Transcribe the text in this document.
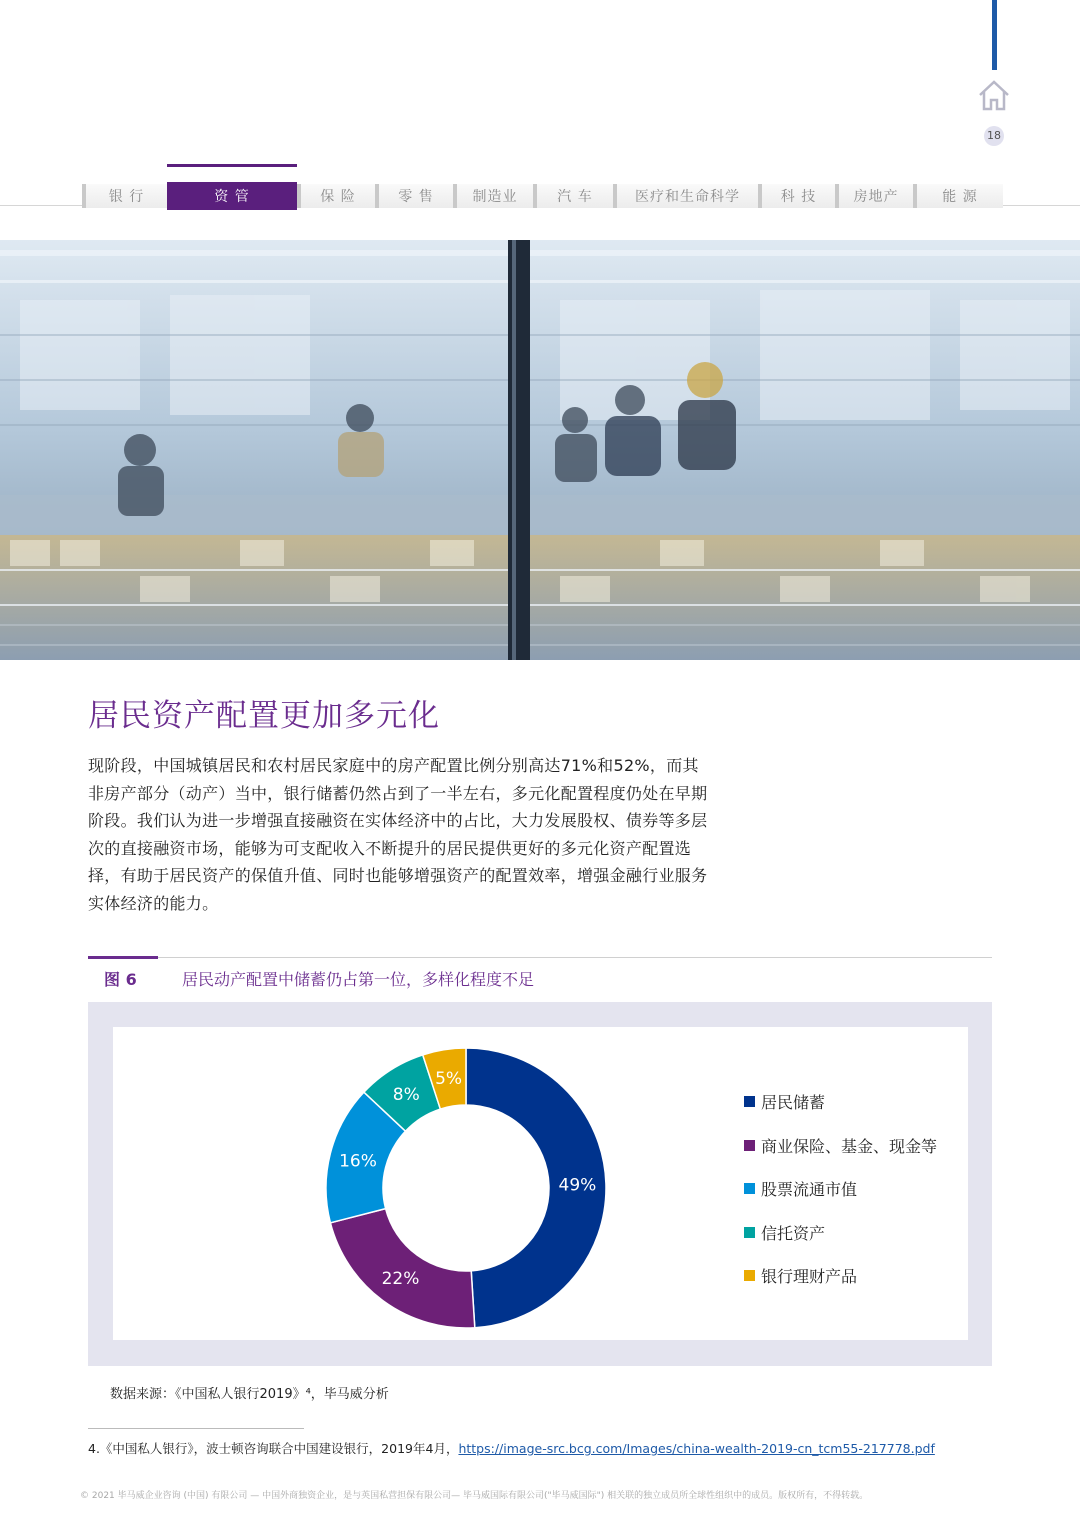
18
银 行	资 管	保 险	零 售	制造业	汽 车	医疗和生命科学	科 技	房地产	能 源
居民资产配置更加多元化
现阶段，中国城镇居民和农村居民家庭中的房产配置比例分别高达71%和52%，而其非房产部分（动产）当中，银行储蓄仍然占到了一半左右，多元化配置程度仍处在早期阶段。我们认为进一步增强直接融资在实体经济中的占比，大力发展股权、债券等多层次的直接融资市场，能够为可支配收入不断提升的居民提供更好的多元化资产配置选择，有助于居民资产的保值升值、同时也能够增强资产的配置效率，增强金融行业服务实体经济的能力。
图 6	居民动产配置中储蓄仍占第一位，多样化程度不足
49%
22%
16%
8%
5%
居民储蓄
商业保险、基金、现金等
股票流通市值
信托资产
银行理财产品
数据来源：《中国私人银行2019》⁴，毕马威分析
4.《中国私人银行》，波士顿咨询联合中国建设银行，2019年4月，https://image-src.bcg.com/Images/china-wealth-2019-cn_tcm55-217778.pdf
© 2021 毕马威企业咨询 (中国) 有限公司 — 中国外商独资企业，是与英国私营担保有限公司— 毕马威国际有限公司("毕马威国际") 相关联的独立成员所全球性组织中的成员。版权所有，不得转载。
